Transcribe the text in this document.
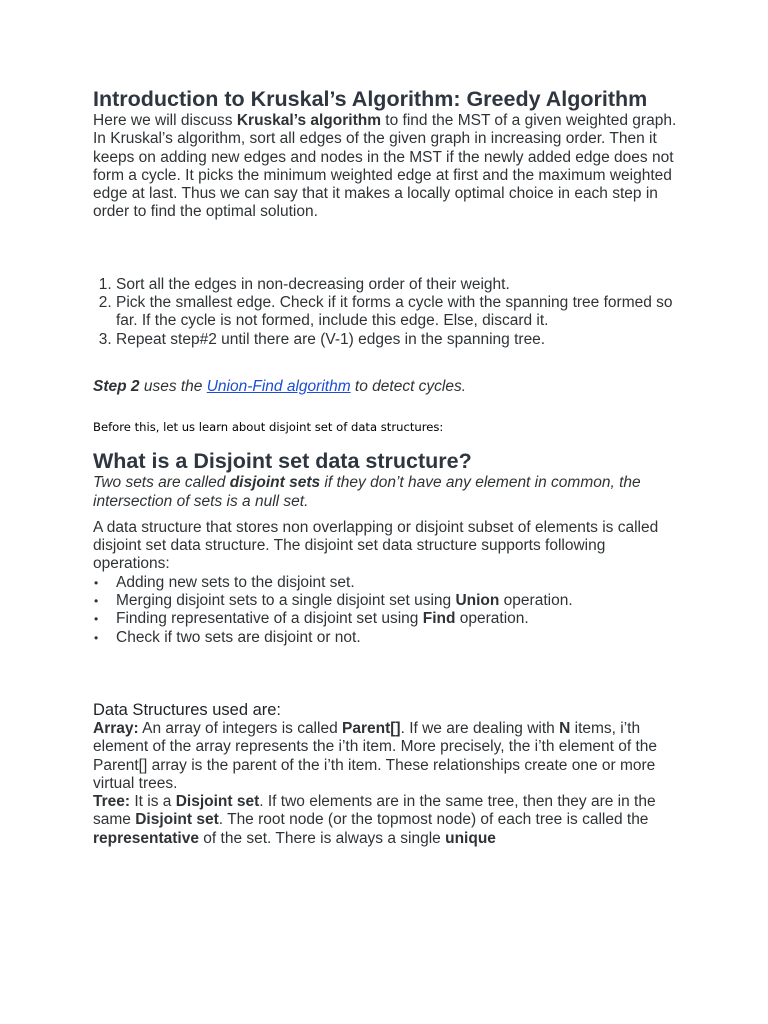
Introduction to Kruskal’s Algorithm: Greedy Algorithm

Here we will discuss Kruskal’s algorithm to find the MST of a given weighted graph.

In Kruskal’s algorithm, sort all edges of the given graph in increasing order. Then it keeps on adding new edges and nodes in the MST if the newly added edge does not form a cycle. It picks the minimum weighted edge at first and the maximum weighted edge at last. Thus we can say that it makes a locally optimal choice in each step in order to find the optimal solution.

1. Sort all the edges in non-decreasing order of their weight.
2. Pick the smallest edge. Check if it forms a cycle with the spanning tree formed so far. If the cycle is not formed, include this edge. Else, discard it.
3. Repeat step#2 until there are (V-1) edges in the spanning tree.

Step 2 uses the Union-Find algorithm to detect cycles.

Before this, let us learn about disjoint set of data structures:

What is a Disjoint set data structure?

Two sets are called disjoint sets if they don’t have any element in common, the intersection of sets is a null set.

A data structure that stores non overlapping or disjoint subset of elements is called disjoint set data structure. The disjoint set data structure supports following operations:

• Adding new sets to the disjoint set.
• Merging disjoint sets to a single disjoint set using Union operation.
• Finding representative of a disjoint set using Find operation.
• Check if two sets are disjoint or not.

Data Structures used are:

Array: An array of integers is called Parent[]. If we are dealing with N items, i’th element of the array represents the i’th item. More precisely, the i’th element of the Parent[] array is the parent of the i’th item. These relationships create one or more virtual trees.

Tree: It is a Disjoint set. If two elements are in the same tree, then they are in the same Disjoint set. The root node (or the topmost node) of each tree is called the representative of the set. There is always a single unique
